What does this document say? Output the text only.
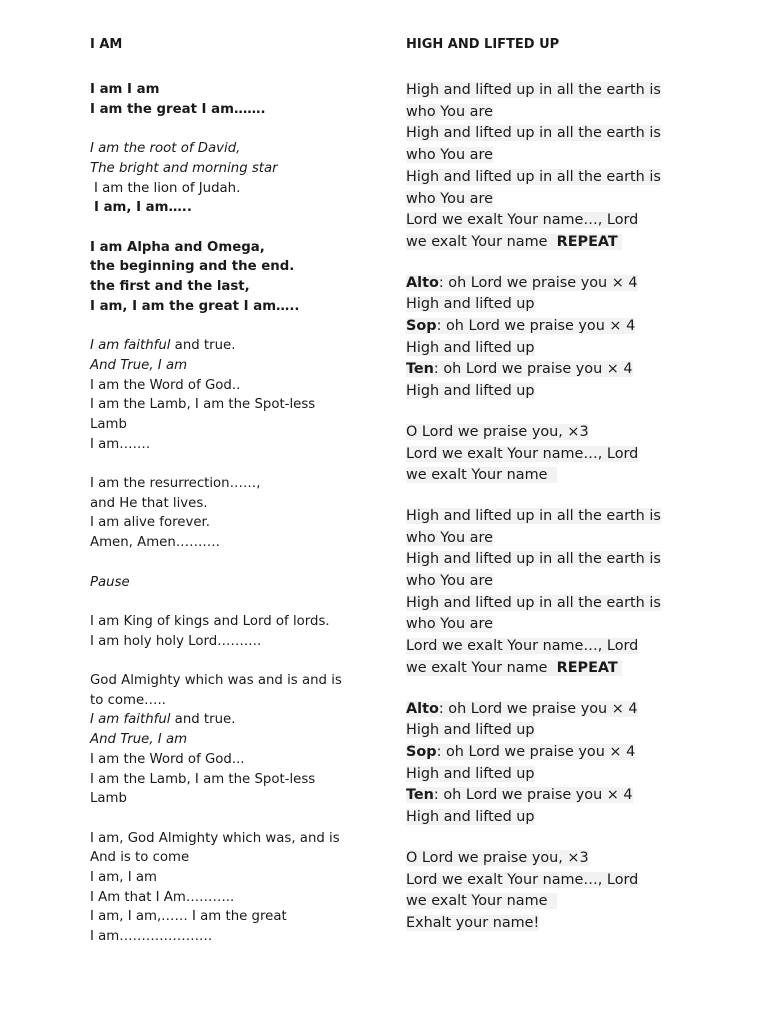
I AM
I am I am
I am the great I am…….
I am the root of David,
The bright and morning star
I am the lion of Judah.
I am, I am…..
I am Alpha and Omega,
the beginning and the end.
the first and the last,
I am, I am the great I am…..
I am faithful and true.
And True, I am
I am the Word of God..
I am the Lamb, I am the Spot-less
Lamb
I am…….
I am the resurrection……,
and He that lives.
I am alive forever.
Amen, Amen……….
Pause
I am King of kings and Lord of lords.
I am holy holy Lord……….
God Almighty which was and is and is
to come…..
I am faithful and true.
And True, I am
I am the Word of God...
I am the Lamb, I am the Spot-less
Lamb
I am, God Almighty which was, and is
And is to come
I am, I am
I Am that I Am………..
I am, I am,…… I am the great
I am…………………
HIGH AND LIFTED UP
High and lifted up in all the earth is
who You are
High and lifted up in all the earth is
who You are
High and lifted up in all the earth is
who You are
Lord we exalt Your name…, Lord
we exalt Your name REPEAT
Alto: oh Lord we praise you × 4
High and lifted up
Sop: oh Lord we praise you × 4
High and lifted up
Ten: oh Lord we praise you × 4
High and lifted up
O Lord we praise you, ×3
Lord we exalt Your name…, Lord
we exalt Your name
High and lifted up in all the earth is
who You are
High and lifted up in all the earth is
who You are
High and lifted up in all the earth is
who You are
Lord we exalt Your name…, Lord
we exalt Your name REPEAT
Alto: oh Lord we praise you × 4
High and lifted up
Sop: oh Lord we praise you × 4
High and lifted up
Ten: oh Lord we praise you × 4
High and lifted up
O Lord we praise you, ×3
Lord we exalt Your name…, Lord
we exalt Your name
Exhalt your name!
